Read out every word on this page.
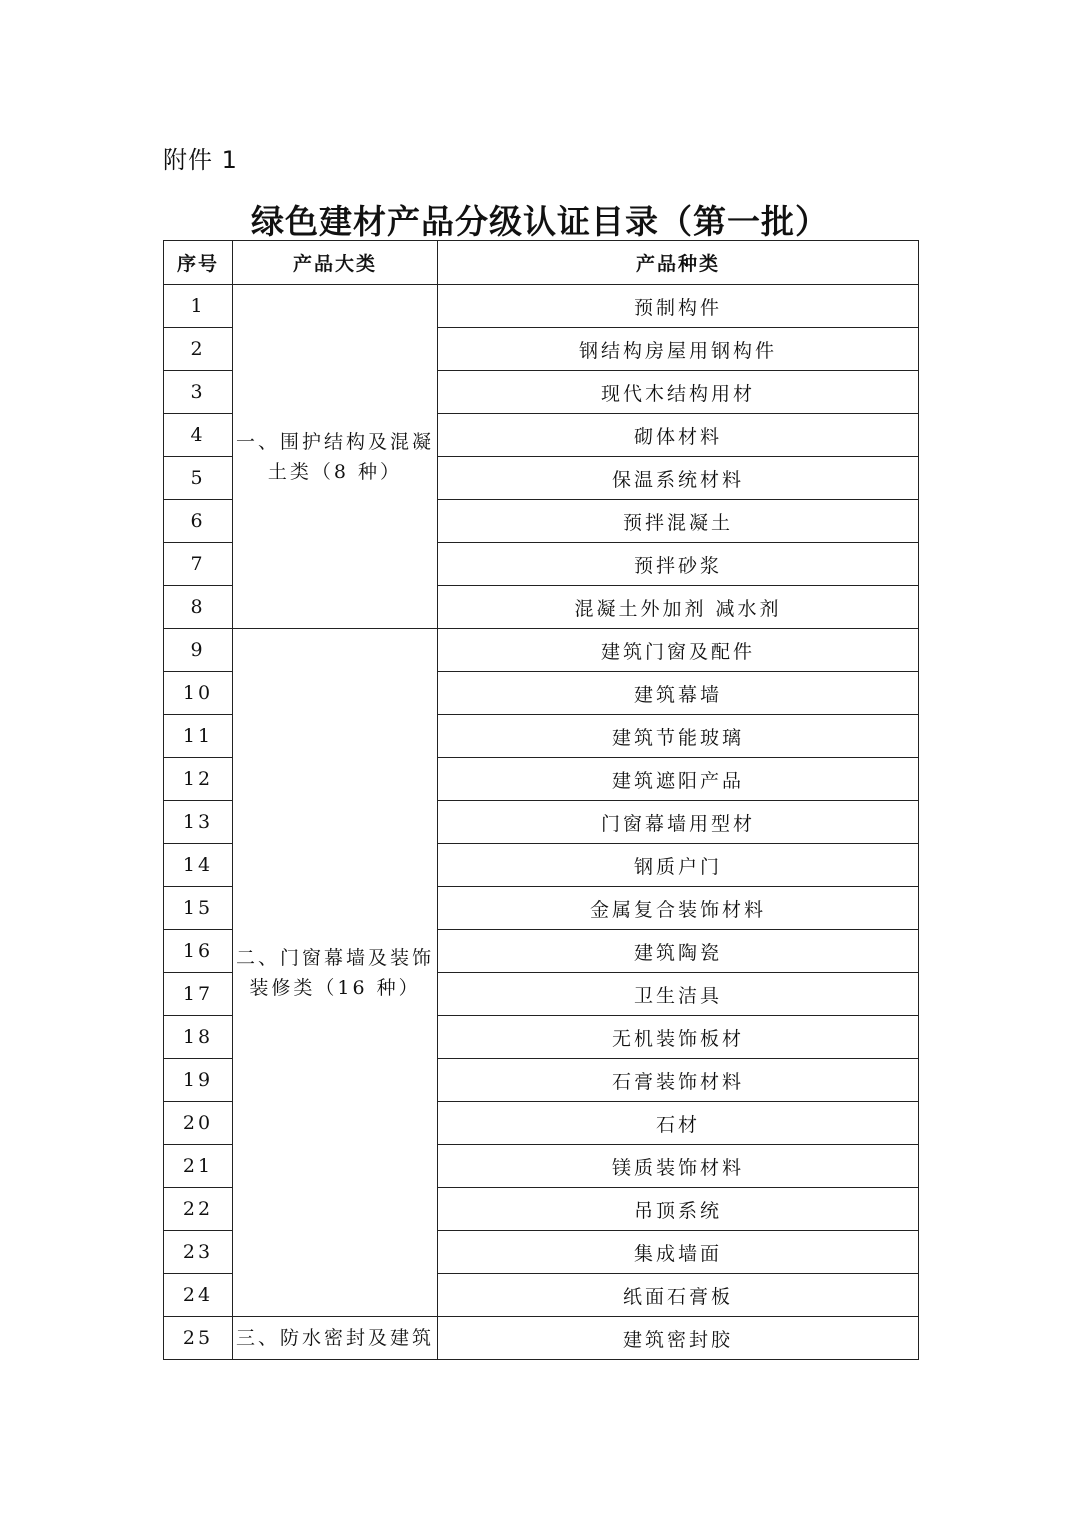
附件 1
绿色建材产品分级认证目录（第一批）
序号	产品大类	产品种类
1	一、围护结构及混凝土类（8 种）	预制构件
2		钢结构房屋用钢构件
3		现代木结构用材
4		砌体材料
5		保温系统材料
6		预拌混凝土
7		预拌砂浆
8		混凝土外加剂 减水剂
9	二、门窗幕墙及装饰装修类（16 种）	建筑门窗及配件
10		建筑幕墙
11		建筑节能玻璃
12		建筑遮阳产品
13		门窗幕墙用型材
14		钢质户门
15		金属复合装饰材料
16		建筑陶瓷
17		卫生洁具
18		无机装饰板材
19		石膏装饰材料
20		石材
21		镁质装饰材料
22		吊顶系统
23		集成墙面
24		纸面石膏板
25	三、防水密封及建筑	建筑密封胶
